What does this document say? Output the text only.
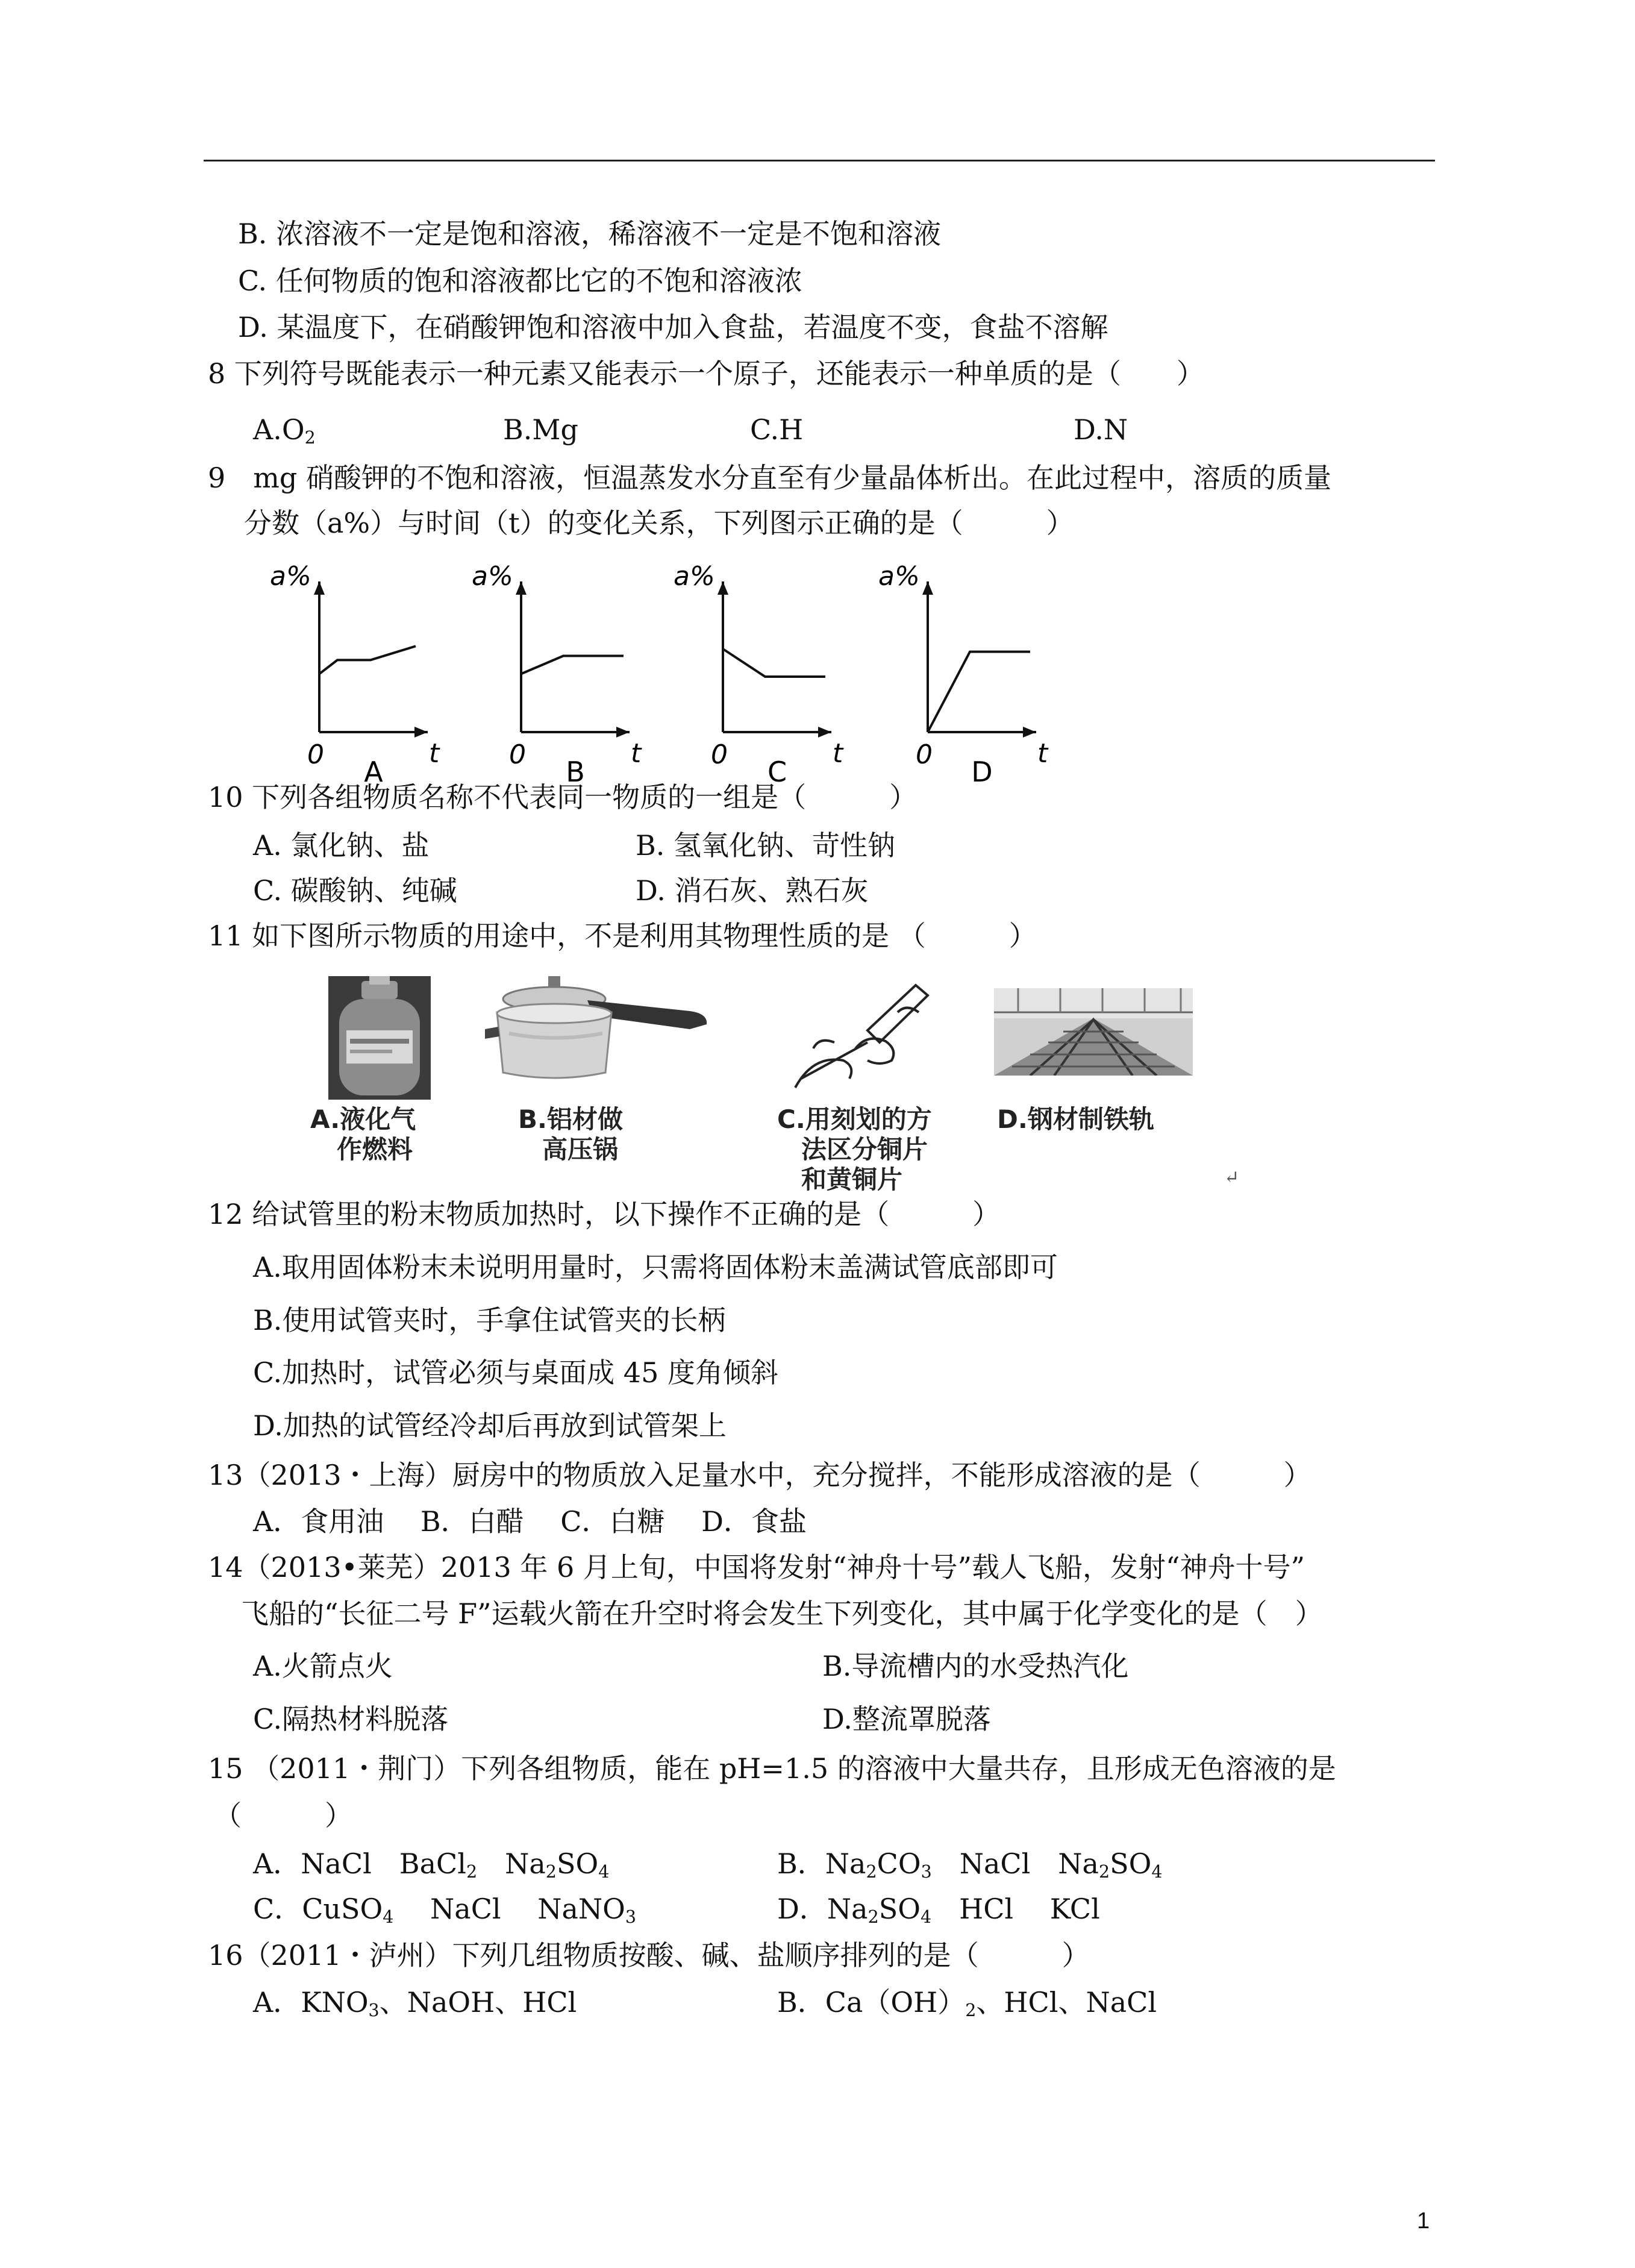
B. 浓溶液不一定是饱和溶液，稀溶液不一定是不饱和溶液
C. 任何物质的饱和溶液都比它的不饱和溶液浓
D. 某温度下，在硝酸钾饱和溶液中加入食盐，若温度不变，食盐不溶解
8 下列符号既能表示一种元素又能表示一个原子，还能表示一种单质的是（　　）
$A.O_2$	B.Mg	C.H	D.N
9　mg 硝酸钾的不饱和溶液，恒温蒸发水分直至有少量晶体析出。在此过程中，溶质的质量
分数（a%）与时间（t）的变化关系，下列图示正确的是（　　　）
a%
t
0
A
a%
t
0
B
a%
t
0
C
a%
t
0
D
10 下列各组物质名称不代表同一物质的一组是（　　　）
A. 氯化钠、盐	B. 氢氧化钠、苛性钠
C. 碳酸钠、纯碱	D. 消石灰、熟石灰
11 如下图所示物质的用途中，不是利用其物理性质的是 （　　　）
A.液化气
作燃料
B.铝材做
高压锅
C.用刻划的方
法区分铜片
和黄铜片
D.钢材制铁轨
↵
12 给试管里的粉末物质加热时，以下操作不正确的是（　　　）
A.取用固体粉末未说明用量时，只需将固体粉末盖满试管底部即可
B.使用试管夹时，手拿住试管夹的长柄
C.加热时，试管必须与桌面成 45 度角倾斜
D.加热的试管经冷却后再放到试管架上
13（2013・上海）厨房中的物质放入足量水中，充分搅拌，不能形成溶液的是（　　　）
A．食用油　 B．白醋　 C．白糖　 D．食盐
14（2013•莱芜）2013 年 6 月上旬，中国将发射“神舟十号”载人飞船，发射“神舟十号”
飞船的“长征二号 F”运载火箭在升空时将会发生下列变化，其中属于化学变化的是（　）
A.火箭点火	B.导流槽内的水受热汽化
C.隔热材料脱落	D.整流罩脱落
15 （2011・荆门）下列各组物质，能在 pH=1.5 的溶液中大量共存，且形成无色溶液的是
（　　　）
A．NaCl　BaCl$_2$　$Na_2SO_4$	B．$Na_2CO_3$　NaCl　$Na_2SO_4$
C．CuSO$_4$　 NaCl　 NaNO$_3$	D．$Na_2SO_4$　HCl　 KCl
16（2011・泸州）下列几组物质按酸、碱、盐顺序排列的是（　　　）
A．$KNO_3$、NaOH、HCl	B．$Ca(OH)_2$、HCl、NaCl
1
